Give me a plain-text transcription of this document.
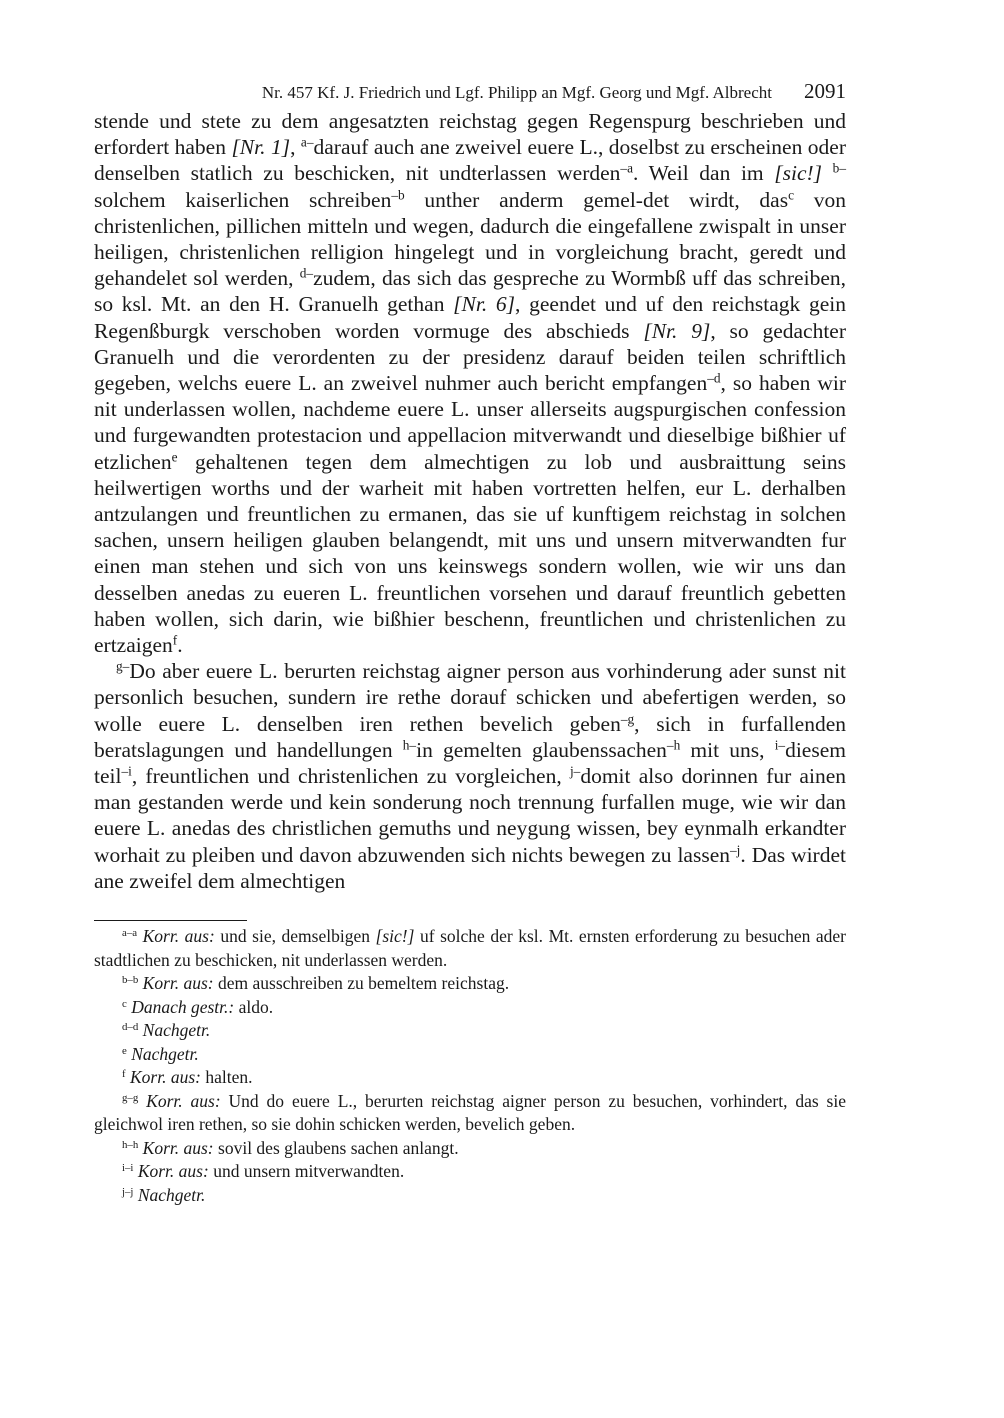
Nr. 457 Kf. J. Friedrich und Lgf. Philipp an Mgf. Georg und Mgf. Albrecht 2091

stende und stete zu dem angesatzten reichstag gegen Regenspurg beschrieben und erfordert haben [Nr. 1], $^{a-}$darauf auch ane zweivel euere L., doselbst zu erscheinen oder denselben statlich zu beschicken, nit undterlassen werden$^{-a}$. Weil dan im [sic!] $^{b-}$solchem kaiserlichen schreiben$^{-b}$ unther anderm gemel-det wirdt, das$^c$ von christenlichen, pillichen mitteln und wegen, dadurch die eingefallene zwispalt in unser heiligen, christenlichen relligion hingelegt und in vorgleichung bracht, geredt und gehandelet sol werden, $^{d-}$zudem, das sich das gespreche zu Wormbß uff das schreiben, so ksl. Mt. an den H. Granuelh gethan [Nr. 6], geendet und uf den reichstagk gein Regenßburgk verschoben worden vormuge des abschieds [Nr. 9], so gedachter Granuelh und die verordenten zu der presidenz darauf beiden teilen schriftlich gegeben, welchs euere L. an zweivel nuhmer auch bericht empfangen$^{-d}$, so haben wir nit underlassen wollen, nachdeme euere L. unser allerseits augspurgischen confession und furgewandten protestacion und appellacion mitverwandt und dieselbige bißhier uf etzlichen$^e$ gehaltenen tegen dem almechtigen zu lob und ausbraittung seins heilwertigen worths und der warheit mit haben vortretten helfen, eur L. derhalben antzulangen und freuntlichen zu ermanen, das sie uf kunftigem reichstag in solchen sachen, unsern heiligen glauben belangendt, mit uns und unsern mitverwandten fur einen man stehen und sich von uns keinswegs sondern wollen, wie wir uns dan desselben anedas zu eueren L. freuntlichen vorsehen und darauf freuntlich gebetten haben wollen, sich darin, wie bißhier beschenn, freuntlichen und christenlichen zu ertzaigen$^f$.

$^{g-}$Do aber euere L. berurten reichstag aigner person aus vorhinderung ader sunst nit personlich besuchen, sundern ire rethe dorauf schicken und abefertigen werden, so wolle euere L. denselben iren rethen bevelich geben$^{-g}$, sich in furfallenden beratslagungen und handellungen $^{h-}$in gemelten glaubenssachen$^{-h}$ mit uns, $^{i-}$diesem teil$^{-i}$, freuntlichen und christenlichen zu vorgleichen, $^{j-}$domit also dorinnen fur ainen man gestanden werde und kein sonderung noch trennung furfallen muge, wie wir dan euere L. anedas des christlichen gemuths und neygung wissen, bey eynmalh erkandter worhait zu pleiben und davon abzuwenden sich nichts bewegen zu lassen$^{-j}$. Das wirdet ane zweifel dem almechtigen

$^{a-a}$ Korr. aus: und sie, demselbigen [sic!] uf solche der ksl. Mt. ernsten erforderung zu besuchen ader stadtlichen zu beschicken, nit underlassen werden.

$^{b-b}$ Korr. aus: dem ausschreiben zu bemeltem reichstag.

$^c$ Danach gestr.: aldo.

$^{d-d}$ Nachgetr.

$^e$ Nachgetr.

$^f$ Korr. aus: halten.

$^{g-g}$ Korr. aus: Und do euere L., berurten reichstag aigner person zu besuchen, vorhindert, das sie gleichwol iren rethen, so sie dohin schicken werden, bevelich geben.

$^{h-h}$ Korr. aus: sovil des glaubens sachen anlangt.

$^{i-i}$ Korr. aus: und unsern mitverwandten.

$^{j-j}$ Nachgetr.
